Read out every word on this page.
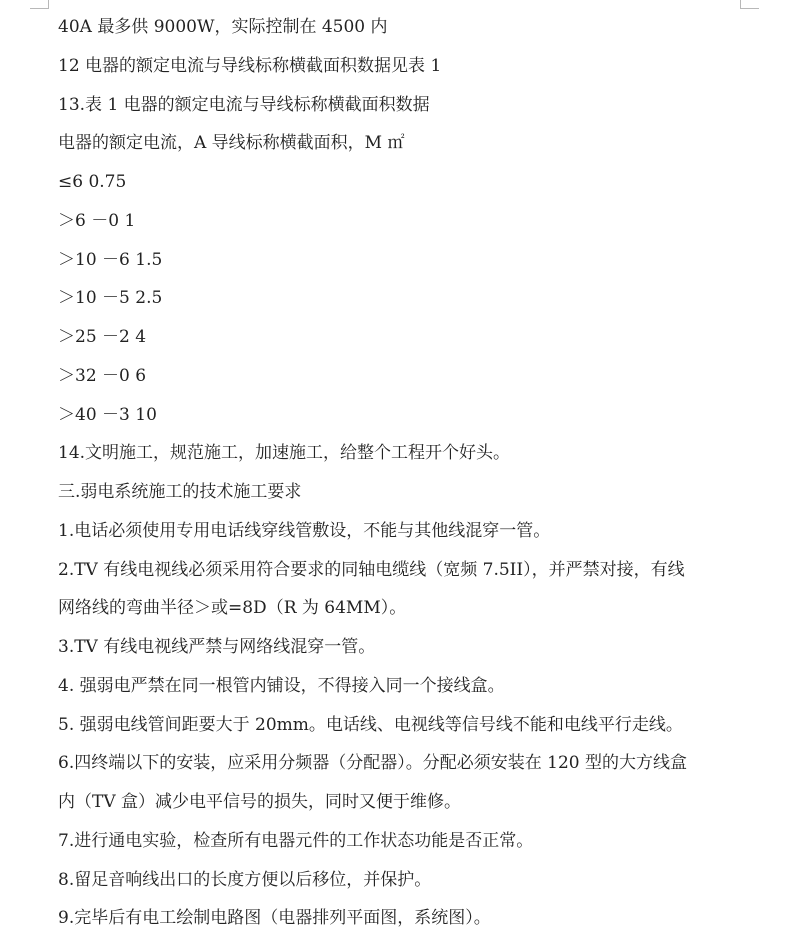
40A 最多供 9000W，实际控制在 4500 内
12 电器的额定电流与导线标称横截面积数据见表 1
13.表 1 电器的额定电流与导线标称横截面积数据
电器的额定电流，A 导线标称横截面积，M ㎡
≤6 0.75
＞6 －0 1
＞10 －6 1.5
＞10 －5 2.5
＞25 －2 4
＞32 －0 6
＞40 －3 10
14.文明施工，规范施工，加速施工，给整个工程开个好头。
三.弱电系统施工的技术施工要求
1.电话必须使用专用电话线穿线管敷设，不能与其他线混穿一管。
2.TV 有线电视线必须采用符合要求的同轴电缆线（宽频 7.5II），并严禁对接，有线
网络线的弯曲半径＞或=8D（R 为 64MM）。
3.TV 有线电视线严禁与网络线混穿一管。
4. 强弱电严禁在同一根管内铺设，不得接入同一个接线盒。
5. 强弱电线管间距要大于 20mm。电话线、电视线等信号线不能和电线平行走线。
6.四终端以下的安装，应采用分频器（分配器）。分配必须安装在 120 型的大方线盒
内（TV 盒）减少电平信号的损失，同时又便于维修。
7.进行通电实验，检查所有电器元件的工作状态功能是否正常。
8.留足音响线出口的长度方便以后移位，并保护。
9.完毕后有电工绘制电路图（电器排列平面图，系统图）。
